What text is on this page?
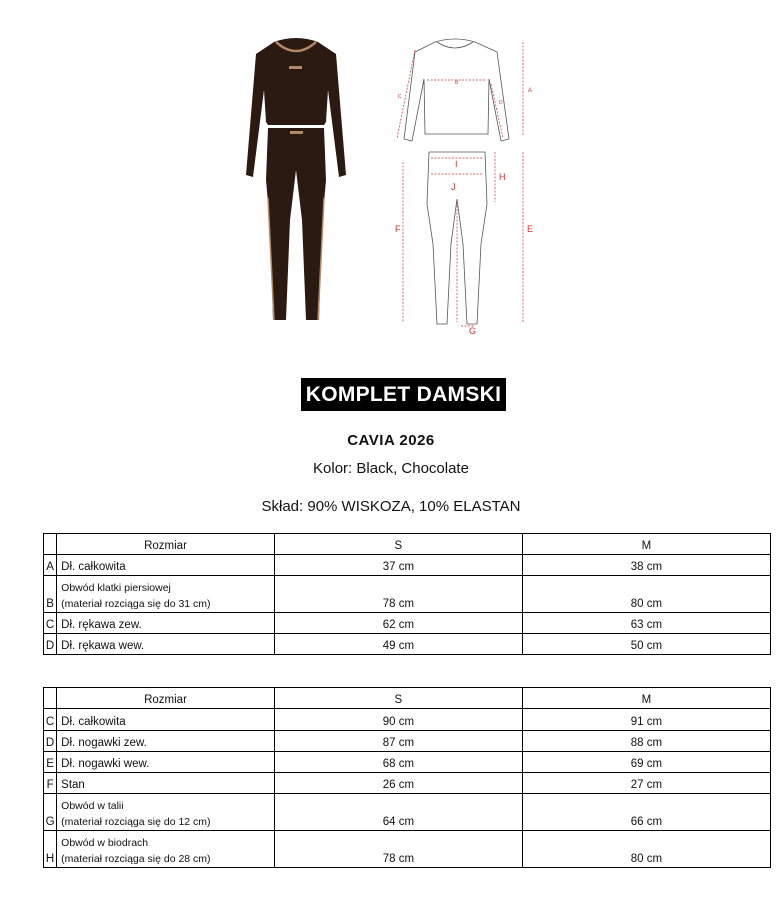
A
B
C
D
E
F
G
H
I
J
KOMPLET DAMSKI
CAVIA 2026
Kolor: Black, Chocolate
Skład: 90% WISKOZA, 10% ELASTAN
	Rozmiar	S	M
A	Dł. całkowita	37 cm	38 cm
B	Obwód klatki piersiowej
(materiał rozciąga się do 31 cm)	78 cm	80 cm
C	Dł. rękawa zew.	62 cm	63 cm
D	Dł. rękawa wew.	49 cm	50 cm
	Rozmiar	S	M
C	Dł. całkowita	90 cm	91 cm
D	Dł. nogawki zew.	87 cm	88 cm
E	Dł. nogawki wew.	68 cm	69 cm
F	Stan	26 cm	27 cm
G	Obwód w talii
(materiał rozciąga się do 12 cm)	64 cm	66 cm
H	Obwód w biodrach
(materiał rozciąga się do 28 cm)	78 cm	80 cm
